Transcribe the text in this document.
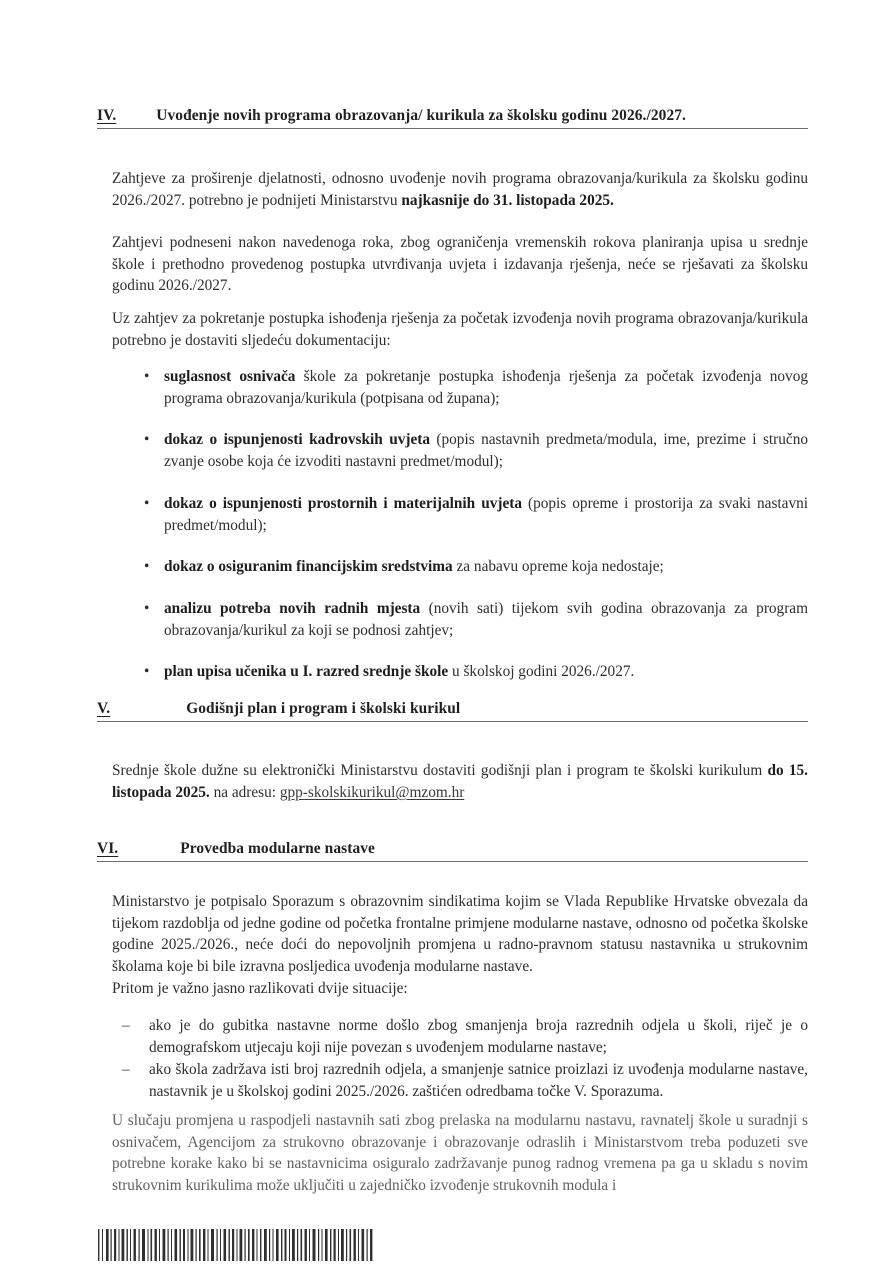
IV.	Uvođenje novih programa obrazovanja/ kurikula za školsku godinu 2026./2027.

Zahtjeve za proširenje djelatnosti, odnosno uvođenje novih programa obrazovanja/kurikula za školsku godinu 2026./2027. potrebno je podnijeti Ministarstvu najkasnije do 31. listopada 2025.

Zahtjevi podneseni nakon navedenoga roka, zbog ograničenja vremenskih rokova planiranja upisa u srednje škole i prethodno provedenog postupka utvrđivanja uvjeta i izdavanja rješenja, neće se rješavati za školsku godinu 2026./2027.

Uz zahtjev za pokretanje postupka ishođenja rješenja za početak izvođenja novih programa obrazovanja/kurikula potrebno je dostaviti sljedeću dokumentaciju:

• suglasnost osnivača škole za pokretanje postupka ishođenja rješenja za početak izvođenja novog programa obrazovanja/kurikula (potpisana od župana);
• dokaz o ispunjenosti kadrovskih uvjeta (popis nastavnih predmeta/modula, ime, prezime i stručno zvanje osobe koja će izvoditi nastavni predmet/modul);
• dokaz o ispunjenosti prostornih i materijalnih uvjeta (popis opreme i prostorija za svaki nastavni predmet/modul);
• dokaz o osiguranim financijskim sredstvima za nabavu opreme koja nedostaje;
• analizu potreba novih radnih mjesta (novih sati) tijekom svih godina obrazovanja za program obrazovanja/kurikul za koji se podnosi zahtjev;
• plan upisa učenika u I. razred srednje škole u školskoj godini 2026./2027.
V.	Godišnji plan i program i školski kurikul

Srednje škole dužne su elektronički Ministarstvu dostaviti godišnji plan i program te školski kurikulum do 15. listopada 2025. na adresu: gpp-skolskikurikul@mzom.hr

VI.	Provedba modularne nastave

Ministarstvo je potpisalo Sporazum s obrazovnim sindikatima kojim se Vlada Republike Hrvatske obvezala da tijekom razdoblja od jedne godine od početka frontalne primjene modularne nastave, odnosno od početka školske godine 2025./2026., neće doći do nepovoljnih promjena u radno-pravnom statusu nastavnika u strukovnim školama koje bi bile izravna posljedica uvođenja modularne nastave.

Pritom je važno jasno razlikovati dvije situacije:

– ako je do gubitka nastavne norme došlo zbog smanjenja broja razrednih odjela u školi, riječ je o demografskom utjecaju koji nije povezan s uvođenjem modularne nastave;
– ako škola zadržava isti broj razrednih odjela, a smanjenje satnice proizlazi iz uvođenja modularne nastave, nastavnik je u školskoj godini 2025./2026. zaštićen odredbama točke V. Sporazuma.

U slučaju promjena u raspodjeli nastavnih sati zbog prelaska na modularnu nastavu, ravnatelj škole u suradnji s osnivačem, Agencijom za strukovno obrazovanje i obrazovanje odraslih i Ministarstvom treba poduzeti sve potrebne korake kako bi se nastavnicima osiguralo zadržavanje punog radnog vremena pa ga u skladu s novim strukovnim kurikulima može uključiti u zajedničko izvođenje strukovnih modula i
